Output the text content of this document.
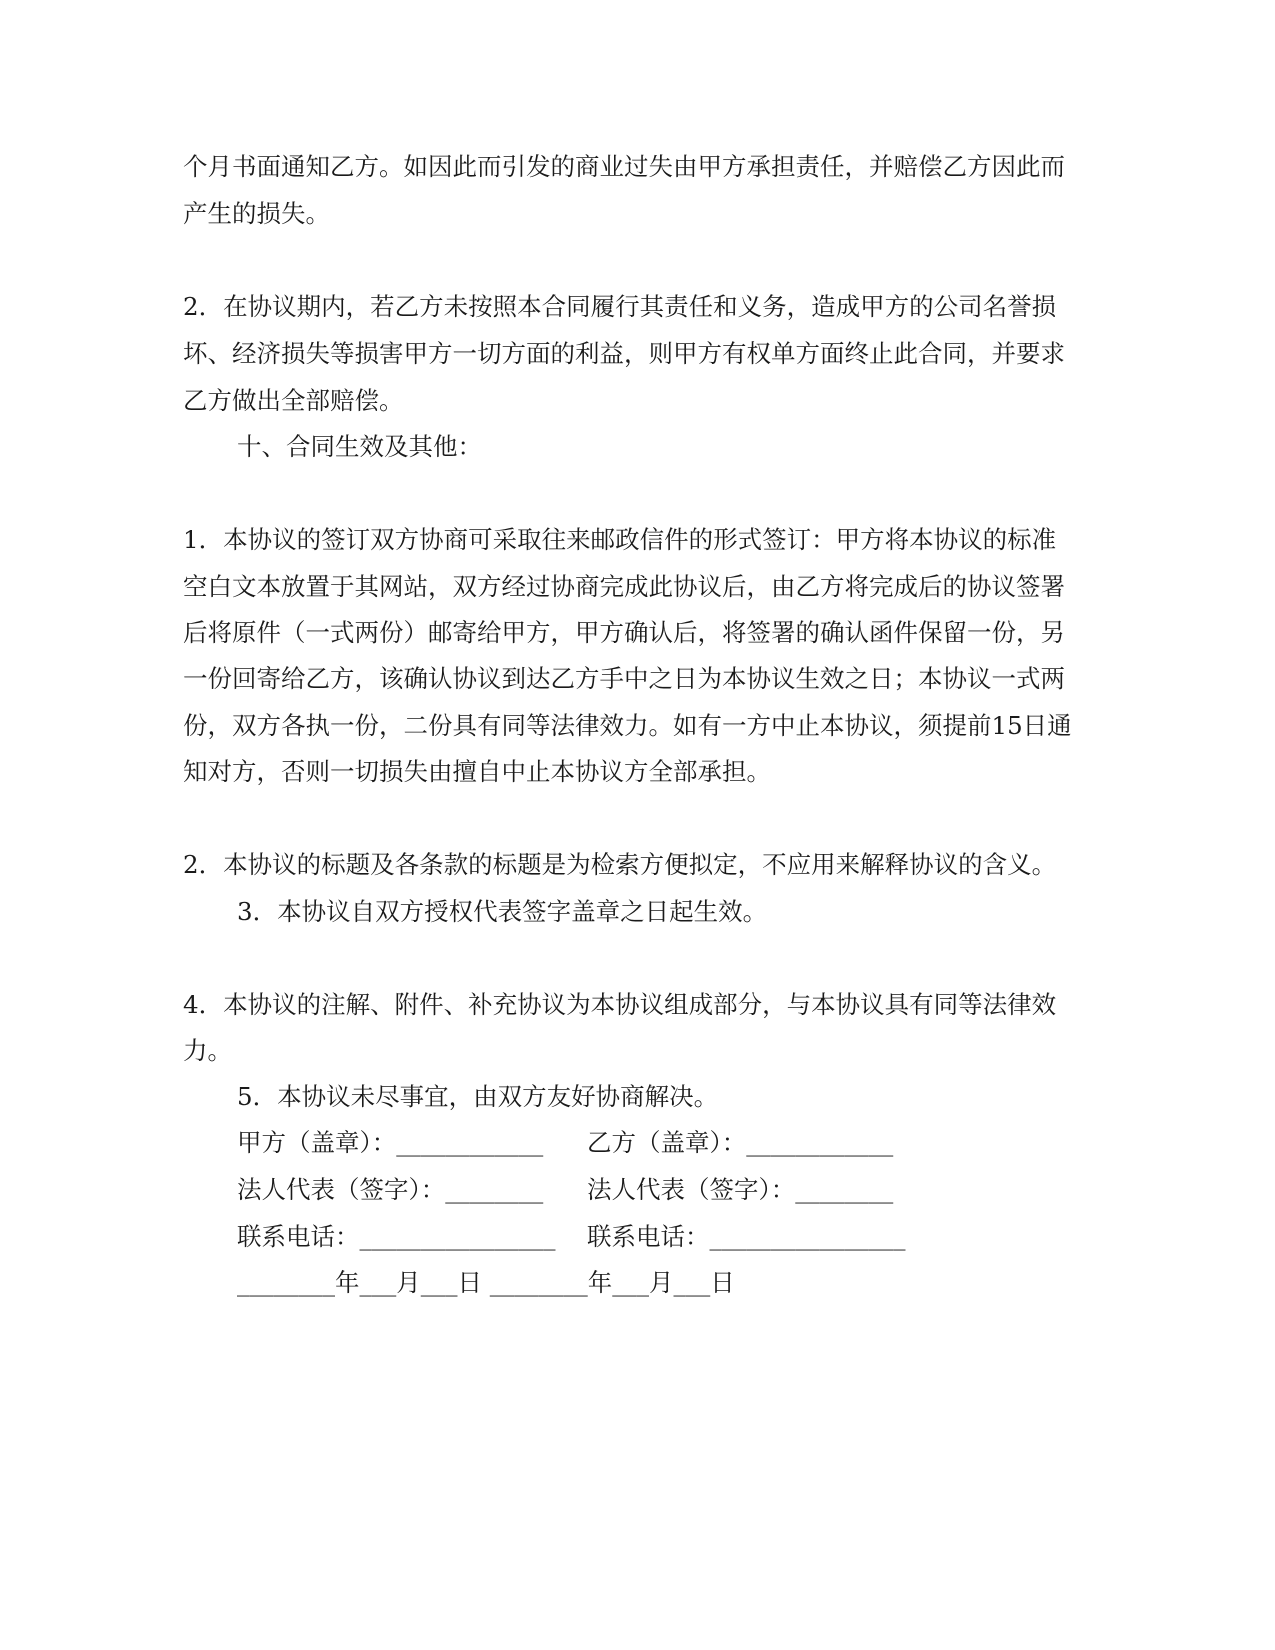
个月书面通知乙方。如因此而引发的商业过失由甲方承担责任，并赔偿乙方因此而
产生的损失。
2．在协议期内，若乙方未按照本合同履行其责任和义务，造成甲方的公司名誉损
坏、经济损失等损害甲方一切方面的利益，则甲方有权单方面终止此合同，并要求
乙方做出全部赔偿。
十、合同生效及其他：
1．本协议的签订双方协商可采取往来邮政信件的形式签订：甲方将本协议的标准
空白文本放置于其网站，双方经过协商完成此协议后，由乙方将完成后的协议签署
后将原件（一式两份）邮寄给甲方，甲方确认后，将签署的确认函件保留一份，另
一份回寄给乙方，该确认协议到达乙方手中之日为本协议生效之日；本协议一式两
份，双方各执一份，二份具有同等法律效力。如有一方中止本协议，须提前15日通
知对方，否则一切损失由擅自中止本协议方全部承担。
2．本协议的标题及各条款的标题是为检索方便拟定，不应用来解释协议的含义。
3．本协议自双方授权代表签字盖章之日起生效。
4．本协议的注解、附件、补充协议为本协议组成部分，与本协议具有同等法律效
力。
5．本协议未尽事宜，由双方友好协商解决。
甲方（盖章）：____________ 乙方（盖章）：____________
法人代表（签字）：________ 法人代表（签字）：________
联系电话：________________ 联系电话：________________
________年___月___日 ________年___月___日
